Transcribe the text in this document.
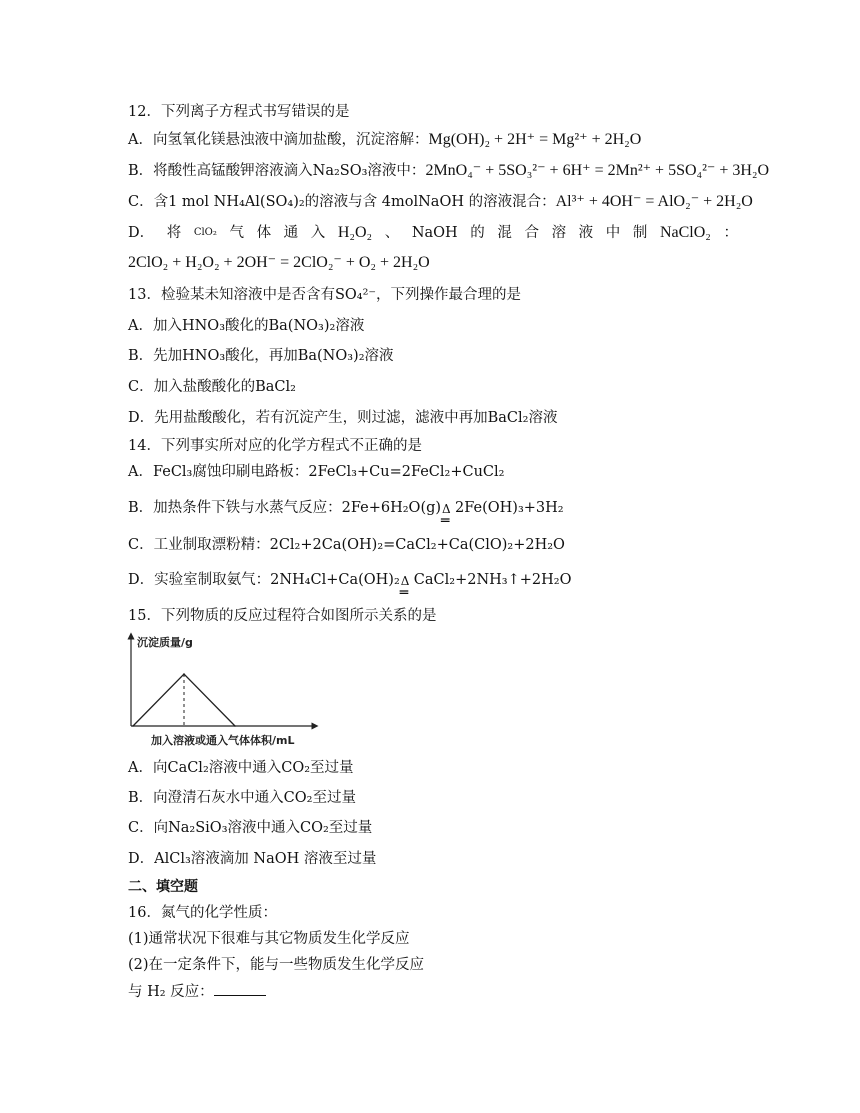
12．下列离子方程式书写错误的是
A．向氢氧化镁悬浊液中滴加盐酸，沉淀溶解：Mg(OH)₂ + 2H⁺ = Mg²⁺ + 2H₂O
B．将酸性高锰酸钾溶液滴入Na₂SO₃溶液中：2MnO₄⁻ + 5SO₃²⁻ + 6H⁺ = 2Mn²⁺ + 5SO₄²⁻ + 3H₂O
C．含1 mol NH₄Al(SO₄)₂的溶液与含 4molNaOH 的溶液混合：Al³⁺ + 4OH⁻ = AlO₂⁻ + 2H₂O
D． 将 ClO₂ 气 体 通 入 H₂O₂ 、 NaOH 的 混 合 溶 液 中 制 NaClO₂ ：
2ClO₂ + H₂O₂ + 2OH⁻ = 2ClO₂⁻ + O₂ + 2H₂O
13．检验某未知溶液中是否含有SO₄²⁻，下列操作最合理的是
A．加入HNO₃酸化的Ba(NO₃)₂溶液
B．先加HNO₃酸化，再加Ba(NO₃)₂溶液
C．加入盐酸酸化的BaCl₂
D．先用盐酸酸化，若有沉淀产生，则过滤，滤液中再加BaCl₂溶液
14．下列事实所对应的化学方程式不正确的是
A．FeCl₃腐蚀印刷电路板：2FeCl₃+Cu=2FeCl₂+CuCl₂
B．加热条件下铁与水蒸气反应：2Fe+6H₂O(g) Δ
═
2Fe(OH)₃+3H₂
C．工业制取漂粉精：2Cl₂+2Ca(OH)₂=CaCl₂+Ca(ClO)₂+2H₂O
D．实验室制取氨气：2NH₄Cl+Ca(OH)₂ Δ
═
CaCl₂+2NH₃↑+2H₂O
15．下列物质的反应过程符合如图所示关系的是
沉淀质量/g
加入溶液或通入气体体积/mL
A．向CaCl₂溶液中通入CO₂至过量
B．向澄清石灰水中通入CO₂至过量
C．向Na₂SiO₃溶液中通入CO₂至过量
D．AlCl₃溶液滴加 NaOH 溶液至过量
二、填空题
16．氮气的化学性质：
(1)通常状况下很难与其它物质发生化学反应
(2)在一定条件下，能与一些物质发生化学反应
与 H₂ 反应：
